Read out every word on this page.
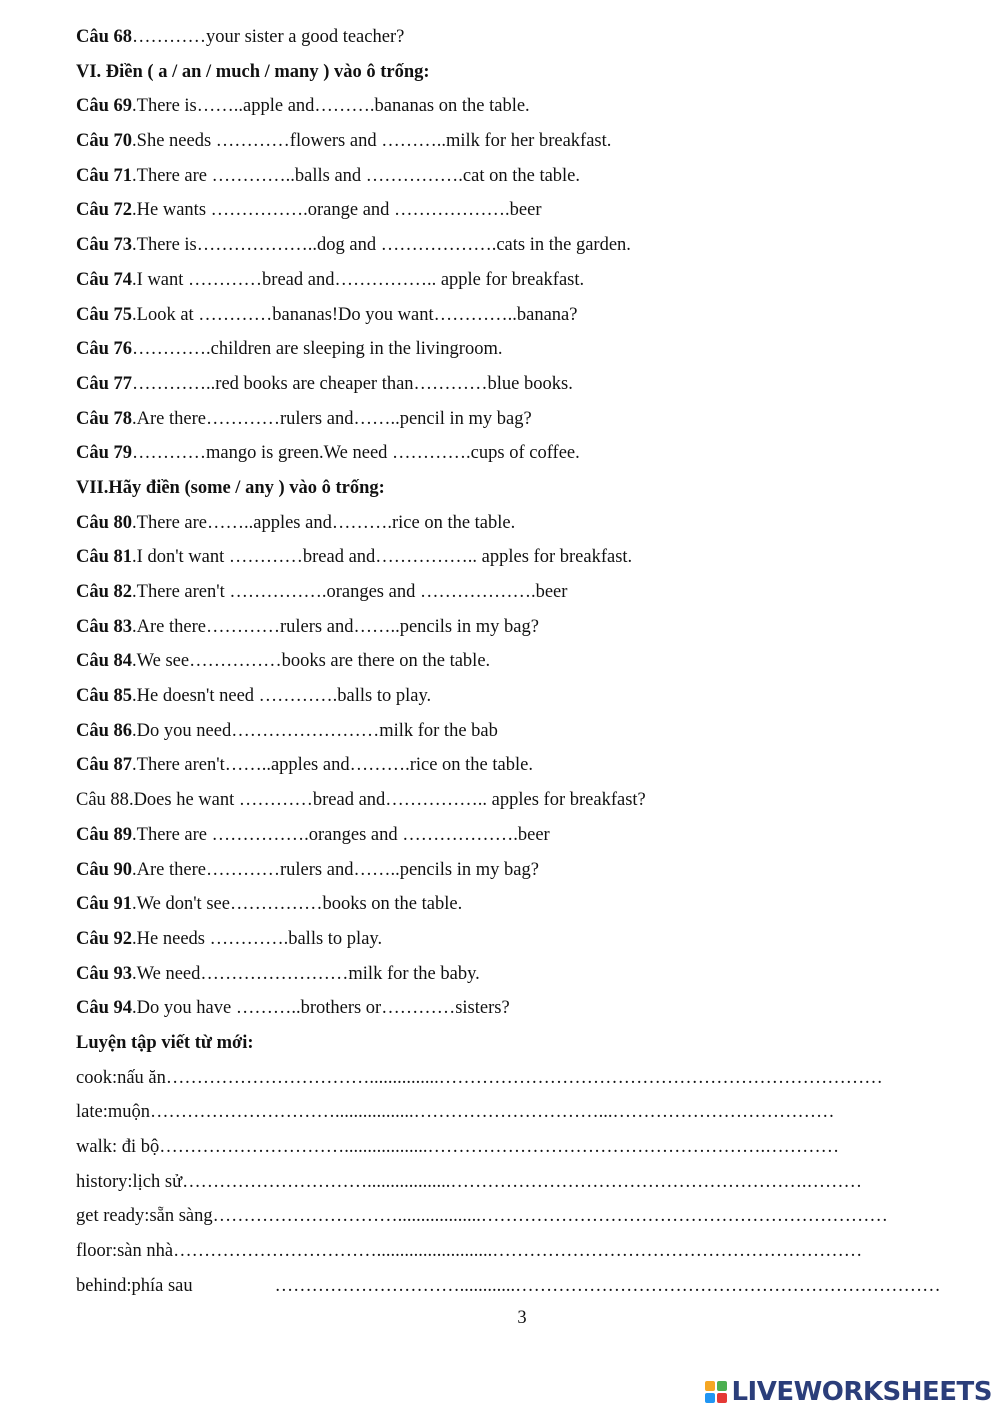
Câu 68…………your sister a good teacher?
VI. Điền ( a / an / much / many ) vào ô trống:
Câu 69.There is……..apple and……….bananas on the table.
Câu 70.She needs …………flowers and ………..milk for her breakfast.
Câu 71.There are …………..balls and …………….cat on the table.
Câu 72.He wants …………….orange and ……………….beer
Câu 73.There is………………..dog and ……………….cats in the garden.
Câu 74.I want …………bread and…………….. apple for breakfast.
Câu 75.Look at …………bananas!Do you want…………..banana?
Câu 76………….children are sleeping in the livingroom.
Câu 77…………..red books are cheaper than…………blue books.
Câu 78.Are there…………rulers and……..pencil in my bag?
Câu 79…………mango is green.We need ………….cups of coffee.
VII.Hãy điền (some / any ) vào ô trống:
Câu 80.There are……..apples and……….rice on the table.
Câu 81.I don't want …………bread and…………….. apples for breakfast.
Câu 82.There aren't …………….oranges and ……………….beer
Câu 83.Are there…………rulers and……..pencils in my bag?
Câu 84.We see……………books are there on the table.
Câu 85.He doesn't need ………….balls to play.
Câu 86.Do you need……………………milk for the bab
Câu 87.There aren't……..apples and……….rice on the table.
Câu 88.Does he want …………bread and…………….. apples for breakfast?
Câu 89.There are …………….oranges and ……………….beer
Câu 90.Are there…………rulers and……..pencils in my bag?
Câu 91.We don't see……………books on the table.
Câu 92.He needs ………….balls to play.
Câu 93.We need……………………milk for the baby.
Câu 94.Do you have ………..brothers or…………sisters?
Luyện tập viết từ mới:
cook:nấu ăn……………………………...............………………………………………………………………
late:muộn………………………….................…………………………...………………………………
walk: đi bộ…………………………..................……………………………………………….…………
history:lịch sử…………………………..................………………………………………………….………
get ready:sẵn sàng…………………………..................…………………………………………………………
floor:sàn nhà…………………………….........................……………………………………………………
behind:phía sau	…………………………............……………………………………………………………
3
LIVEWORKSHEETS
